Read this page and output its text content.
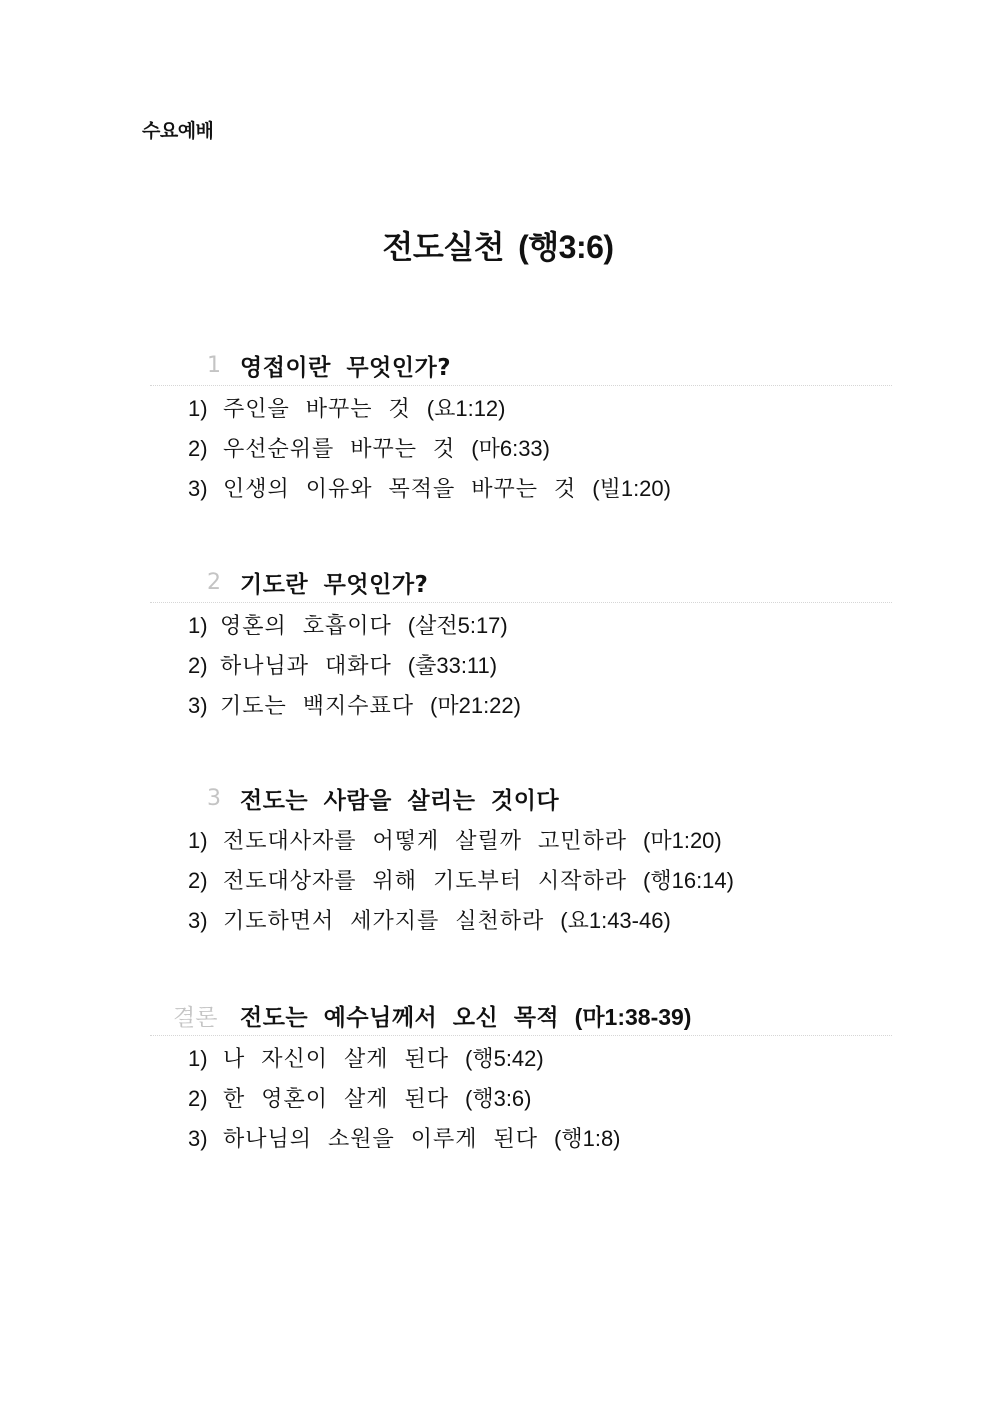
수요예배
전도실천 (행3:6)
1 영접이란 무엇인가?
1) 주인을 바꾸는 것 (요1:12)
2) 우선순위를 바꾸는 것 (마6:33)
3) 인생의 이유와 목적을 바꾸는 것 (빌1:20)
2 기도란 무엇인가?
1) 영혼의 호흡이다 (살전5:17)
2) 하나님과 대화다 (출33:11)
3) 기도는 백지수표다 (마21:22)
3 전도는 사람을 살리는 것이다
1) 전도대사자를 어떻게 살릴까 고민하라 (마1:20)
2) 전도대상자를 위해 기도부터 시작하라 (행16:14)
3) 기도하면서 세가지를 실천하라 (요1:43-46)
결론 전도는 예수님께서 오신 목적 (마1:38-39)
1) 나 자신이 살게 된다 (행5:42)
2) 한 영혼이 살게 된다 (행3:6)
3) 하나님의 소원을 이루게 된다 (행1:8)
